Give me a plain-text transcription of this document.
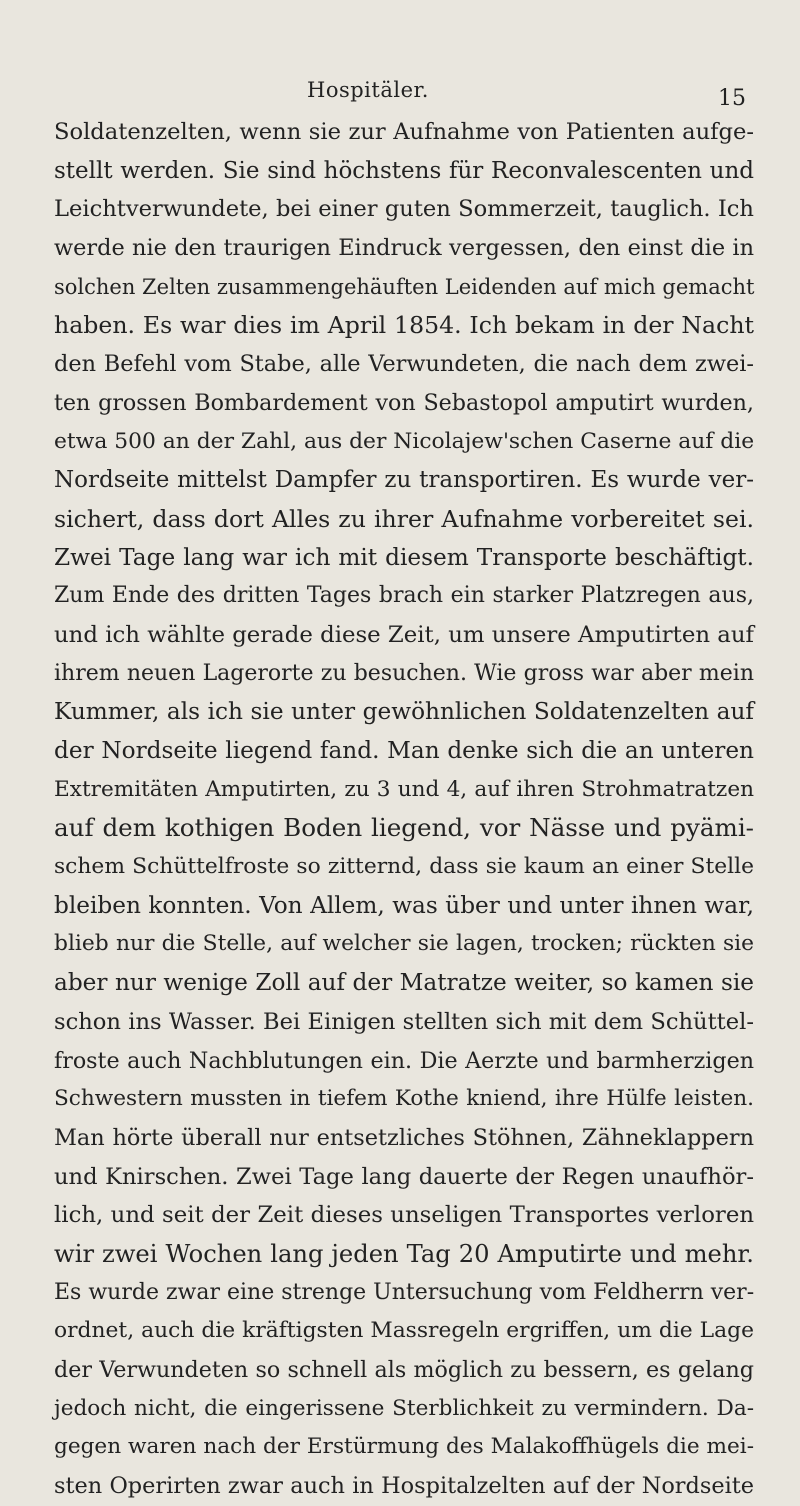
Hospitäler.	15
Soldatenzelten, wenn sie zur Aufnahme von Patienten aufge-
stellt werden. Sie sind höchstens für Reconvalescenten und
Leichtverwundete, bei einer guten Sommerzeit, tauglich. Ich
werde nie den traurigen Eindruck vergessen, den einst die in
solchen Zelten zusammengehäuften Leidenden auf mich gemacht
haben. Es war dies im April 1854. Ich bekam in der Nacht
den Befehl vom Stabe, alle Verwundeten, die nach dem zwei-
ten grossen Bombardement von Sebastopol amputirt wurden,
etwa 500 an der Zahl, aus der Nicolajew'schen Caserne auf die
Nordseite mittelst Dampfer zu transportiren. Es wurde ver-
sichert, dass dort Alles zu ihrer Aufnahme vorbereitet sei.
Zwei Tage lang war ich mit diesem Transporte beschäftigt.
Zum Ende des dritten Tages brach ein starker Platzregen aus,
und ich wählte gerade diese Zeit, um unsere Amputirten auf
ihrem neuen Lagerorte zu besuchen. Wie gross war aber mein
Kummer, als ich sie unter gewöhnlichen Soldatenzelten auf
der Nordseite liegend fand. Man denke sich die an unteren
Extremitäten Amputirten, zu 3 und 4, auf ihren Strohmatratzen
auf dem kothigen Boden liegend, vor Nässe und pyämi-
schem Schüttelfroste so zitternd, dass sie kaum an einer Stelle
bleiben konnten. Von Allem, was über und unter ihnen war,
blieb nur die Stelle, auf welcher sie lagen, trocken; rückten sie
aber nur wenige Zoll auf der Matratze weiter, so kamen sie
schon ins Wasser. Bei Einigen stellten sich mit dem Schüttel-
froste auch Nachblutungen ein. Die Aerzte und barmherzigen
Schwestern mussten in tiefem Kothe kniend, ihre Hülfe leisten.
Man hörte überall nur entsetzliches Stöhnen, Zähneklappern
und Knirschen. Zwei Tage lang dauerte der Regen unaufhör-
lich, und seit der Zeit dieses unseligen Transportes verloren
wir zwei Wochen lang jeden Tag 20 Amputirte und mehr.
Es wurde zwar eine strenge Untersuchung vom Feldherrn ver-
ordnet, auch die kräftigsten Massregeln ergriffen, um die Lage
der Verwundeten so schnell als möglich zu bessern, es gelang
jedoch nicht, die eingerissene Sterblichkeit zu vermindern. Da-
gegen waren nach der Erstürmung des Malakoffhügels die mei-
sten Operirten zwar auch in Hospitalzelten auf der Nordseite
